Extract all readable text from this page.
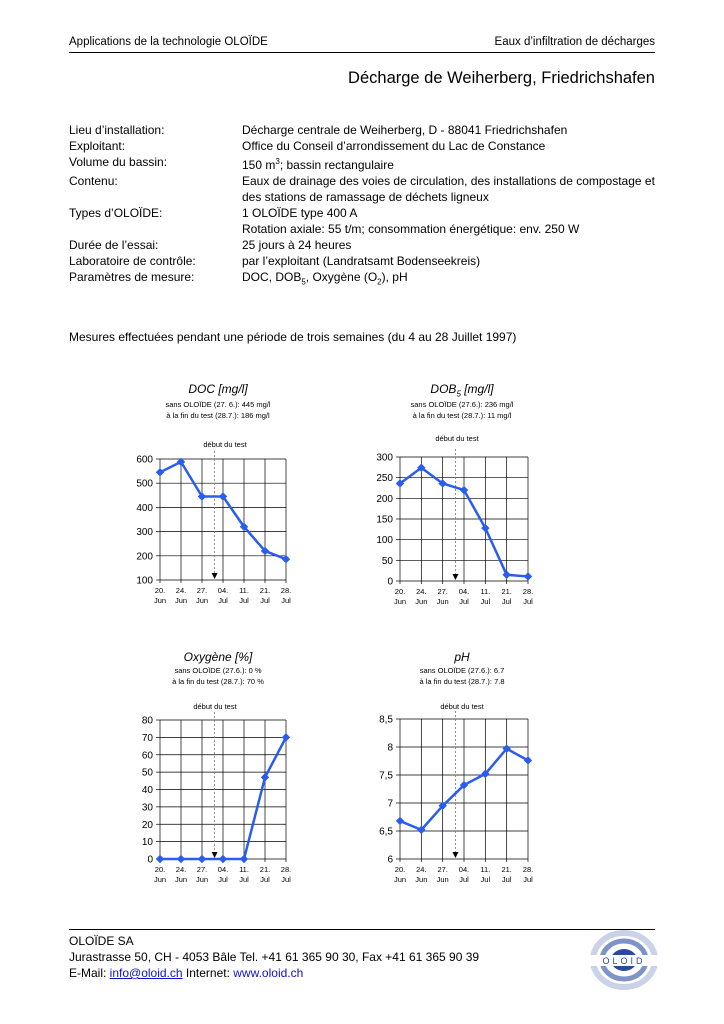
Applications de la technologie OLOÏDE	Eaux d’infiltration de décharges
Décharge de Weiherberg, Friedrichshafen
Lieu d’installation:	Décharge centrale de Weiherberg, D - 88041 Friedrichshafen
Exploitant:	Office du Conseil d’arrondissement du Lac de Constance
Volume du bassin:	150 $m^3$; bassin rectangulaire
Contenu:	Eaux de drainage des voies de circulation, des installations de compostage et des stations de ramassage de déchets ligneux
Types d’OLOÏDE:	1 OLOÏDE type 400 A
Rotation axiale: 55 t/m; consommation énergétique: env. 250 W
Durée de l’essai:	25 jours à 24 heures
Laboratoire de contrôle:	par l’exploitant (Landratsamt Bodenseekreis)
Paramètres de mesure:	DOC, $DOB_5$, Oxygène $(O_2)$, pH
Mesures effectuées pendant une période de trois semaines (du 4 au 28 Juillet 1997)
DOC [mg/l]
sans OLOÏDE (27. 6.): 445 mg/l
à la fin du test (28.7.): 186 mg/l
début du test
100
200
300
400
500
600
20.
Jun
24.
Jun
27.
Jun
04.
Jul
11.
Jul
21.
Jul
28.
Jul
$DOB_5$ [mg/l]
sans OLOÏDE (27.6.): 236 mg/l
à la fin du test (28.7.): 11 mg/l
début du test
0
50
100
150
200
250
300
20.
Jun
24.
Jun
27.
Jun
04.
Jul
11.
Jul
21.
Jul
28.
Jul
Oxygène [%]
sans OLOÏDE (27.6.): 0 %
à la fin du test (28.7.): 70 %
début du test
0
10
20
30
40
50
60
70
80
20.
Jun
24.
Jun
27.
Jun
04.
Jul
11.
Jul
21.
Jul
28.
Jul
pH
sans OLOÏDE (27.6.): 6.7
à la fin du test (28.7.): 7.8
début du test
6
6,5
7
7,5
8
8,5
20.
Jun
24.
Jun
27.
Jun
04.
Jul
11.
Jul
21.
Jul
28.
Jul
OLOÏDE SA
Jurastrasse 50, CH - 4053 Bâle Tel. +41 61 365 90 30, Fax +41 61 365 90 39
E-Mail: info@oloid.ch Internet: www.oloid.ch
OLOID
